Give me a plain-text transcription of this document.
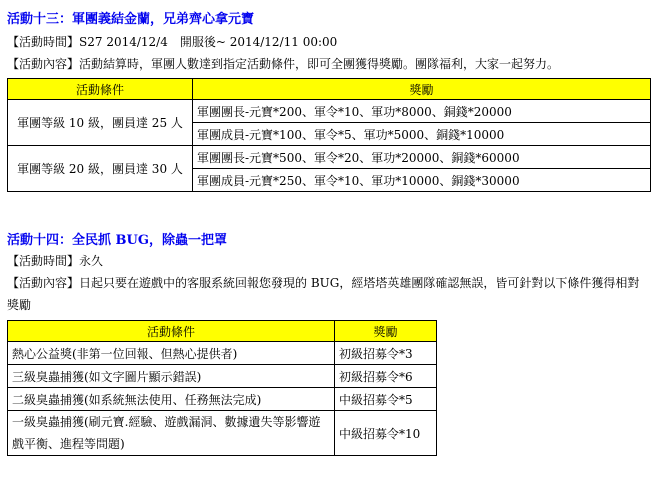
活動十三：軍團義結金蘭，兄弟齊心拿元寶
【活動時間】S27 2014/12/4　開服後~ 2014/12/11 00:00
【活動內容】活動結算時，軍團人數達到指定活動條件，即可全團獲得獎勵。團隊福利，大家一起努力。
活動條件	獎勵
軍團等級 10 級，團員達 25 人	軍團團長-元寶*200、軍令*10、軍功*8000、銅錢*20000
	軍團成員-元寶*100、軍令*5、軍功*5000、銅錢*10000
軍團等級 20 級，團員達 30 人	軍團團長-元寶*500、軍令*20、軍功*20000、銅錢*60000
	軍團成員-元寶*250、軍令*10、軍功*10000、銅錢*30000
活動十四：全民抓 BUG，除蟲一把罩
【活動時間】永久
【活動內容】日起只要在遊戲中的客服系統回報您發現的 BUG，經塔塔英雄團隊確認無誤，皆可針對以下條件獲得相對獎勵
活動條件	獎勵
熱心公益獎(非第一位回報、但熱心提供者)	初級招募令*3
三級臭蟲捕獲(如文字圖片顯示錯誤)	初級招募令*6
二級臭蟲捕獲(如系統無法使用、任務無法完成)	中級招募令*5
一級臭蟲捕獲(刷元寶.經驗、遊戲漏洞、數據遺失等影響遊戲平衡、進程等問題)	中級招募令*10
